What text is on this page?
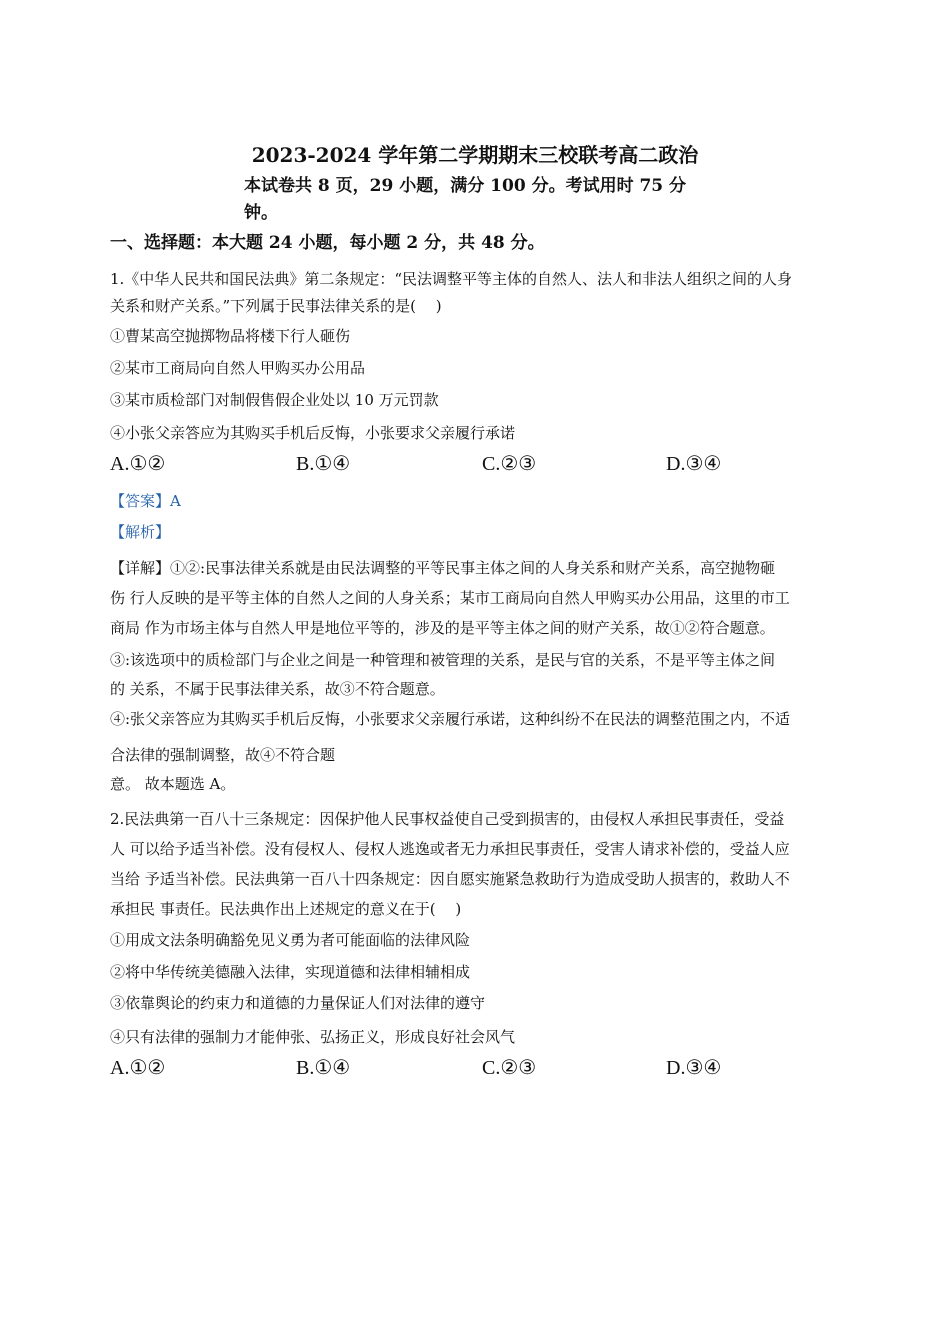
2023-2024 学年第二学期期末三校联考高二政治
本试卷共 8 页，29 小题，满分 100 分。考试用时 75 分
钟。
一、选择题：本大题 24 小题，每小题 2 分，共 48 分。
1.《中华人民共和国民法典》第二条规定：“民法调整平等主体的自然人、法人和非法人组织之间的人身
关系和财产关系。”下列属于民事法律关系的是(　 )
①曹某高空抛掷物品将楼下行人砸伤
②某市工商局向自然人甲购买办公用品
③某市质检部门对制假售假企业处以 10 万元罚款
④小张父亲答应为其购买手机后反悔，小张要求父亲履行承诺
A.①②	B.①④	C.②③	D.③④
【答案】A
【解析】
【详解】①②:民事法律关系就是由民法调整的平等民事主体之间的人身关系和财产关系，高空抛物砸
伤 行人反映的是平等主体的自然人之间的人身关系；某市工商局向自然人甲购买办公用品，这里的市工
商局 作为市场主体与自然人甲是地位平等的，涉及的是平等主体之间的财产关系，故①②符合题意。
③:该选项中的质检部门与企业之间是一种管理和被管理的关系，是民与官的关系，不是平等主体之间
的 关系，不属于民事法律关系，故③不符合题意。
④:张父亲答应为其购买手机后反悔，小张要求父亲履行承诺，这种纠纷不在民法的调整范围之内，不适
合法律的强制调整，故④不符合题
意。 故本题选 A。
2.民法典第一百八十三条规定：因保护他人民事权益使自己受到损害的，由侵权人承担民事责任，受益
人 可以给予适当补偿。没有侵权人、侵权人逃逸或者无力承担民事责任，受害人请求补偿的，受益人应
当给 予适当补偿。民法典第一百八十四条规定：因自愿实施紧急救助行为造成受助人损害的，救助人不
承担民 事责任。民法典作出上述规定的意义在于(　 )
①用成文法条明确豁免见义勇为者可能面临的法律风险
②将中华传统美德融入法律，实现道德和法律相辅相成
③依靠舆论的约束力和道德的力量保证人们对法律的遵守
④只有法律的强制力才能伸张、弘扬正义，形成良好社会风气
A.①②	B.①④	C.②③	D.③④
